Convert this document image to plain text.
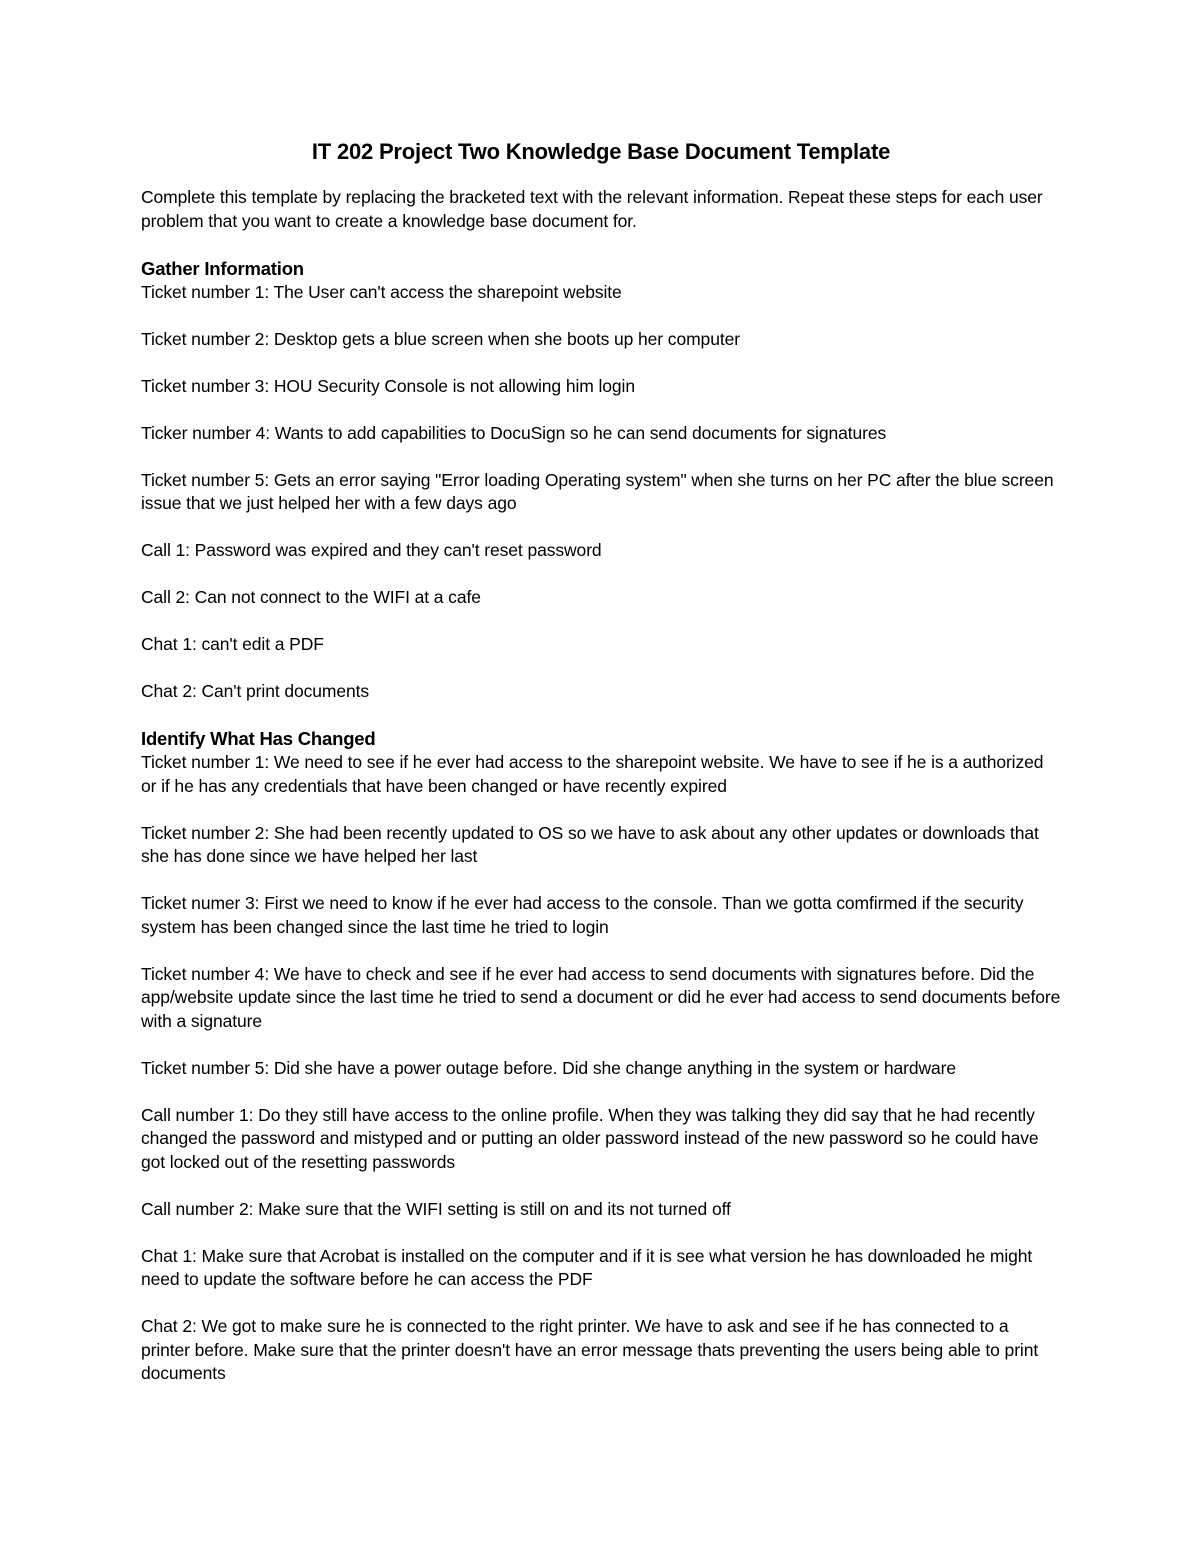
IT 202 Project Two Knowledge Base Document Template
Complete this template by replacing the bracketed text with the relevant information. Repeat these steps for each user problem that you want to create a knowledge base document for.
Gather Information
Ticket number 1: The User can't access the sharepoint website
Ticket number 2: Desktop gets a blue screen when she boots up her computer
Ticket number 3: HOU Security Console is not allowing him login
Ticker number 4: Wants to add capabilities to DocuSign so he can send documents for signatures
Ticket number 5: Gets an error saying "Error loading Operating system" when she turns on her PC after the blue screen issue that we just helped her with a few days ago
Call 1: Password was expired and they can't reset password
Call 2: Can not connect to the WIFI at a cafe
Chat 1: can't edit a PDF
Chat 2: Can't print documents
Identify What Has Changed
Ticket number 1: We need to see if he ever had access to the sharepoint website. We have to see if he is a authorized or if he has any credentials that have been changed or have recently expired
Ticket number 2: She had been recently updated to OS so we have to ask about any other updates or downloads that she has done since we have helped her last
Ticket numer 3: First we need to know if he ever had access to the console. Than we gotta comfirmed if the security system has been changed since the last time he tried to login
Ticket number 4: We have to check and see if he ever had access to send documents with signatures before. Did the app/website update since the last time he tried to send a document or did he ever had access to send documents before with a signature
Ticket number 5: Did she have a power outage before. Did she change anything in the system or hardware
Call number 1: Do they still have access to the online profile. When they was talking they did say that he had recently changed the password and mistyped and or putting an older password instead of the new password so he could have got locked out of the resetting passwords
Call number 2: Make sure that the WIFI setting is still on and its not turned off
Chat 1: Make sure that Acrobat is installed on the computer and if it is see what version he has downloaded he might need to update the software before he can access the PDF
Chat 2: We got to make sure he is connected to the right printer. We have to ask and see if he has connected to a printer before. Make sure that the printer doesn't have an error message thats preventing the users being able to print documents
